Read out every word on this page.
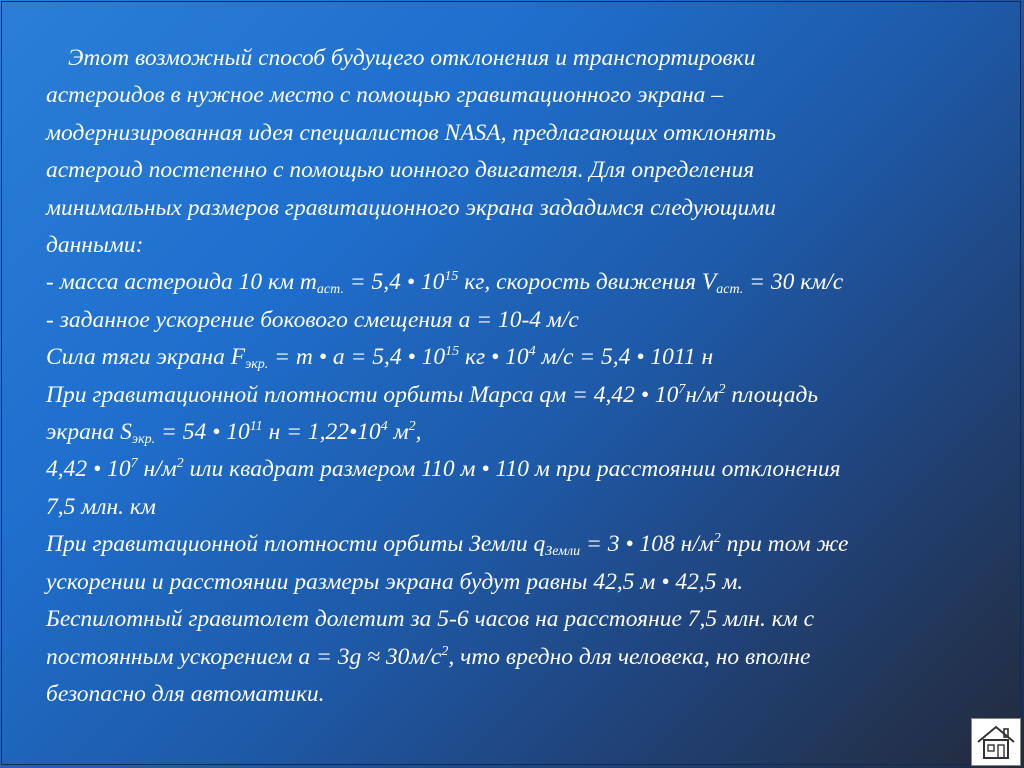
Этот возможный способ будущего отклонения и транспортировки
астероидов в нужное место с помощью гравитационного экрана –
модернизированная идея специалистов NASA, предлагающих отклонять
астероид постепенно с помощью ионного двигателя. Для определения
минимальных размеров гравитационного экрана зададимся следующими
данными:
- масса астероида 10 км $m_{аст.} = 5,4$ • $10^{15}$ кг, скорость движения $V_{аст.} = 30$ км/с
- заданное ускорение бокового смещения а = 10-4 м/с
Сила тяги экрана $F_{экр.} = m$ • a = 5,4 • $10^{15}$ кг • $10^4$ м/с = 5,4 • 1011 н
При гравитационной плотности орбиты Марса qм = 4,42 • $10^7н/м^2$ площадь
экрана $S_{экр.} = 54$ • $10^{11}$ $н = 1,22•10^4$ $м^2$,
4,42 • $10^7$ $н/м^2$ или квадрат размером 110 м • 110 м при расстоянии отклонения
7,5 млн. км
При гравитационной плотности орбиты Земли $q_{Земли} = 3$ • 108 $н/м^2$ при том же
ускорении и расстоянии размеры экрана будут равны 42,5 м • 42,5 м.
Беспилотный гравитолет долетит за 5-6 часов на расстояние 7,5 млн. км с
постоянным ускорением $а = 3g \approx 30м/с^2$, что вредно для человека, но вполне
безопасно для автоматики.
